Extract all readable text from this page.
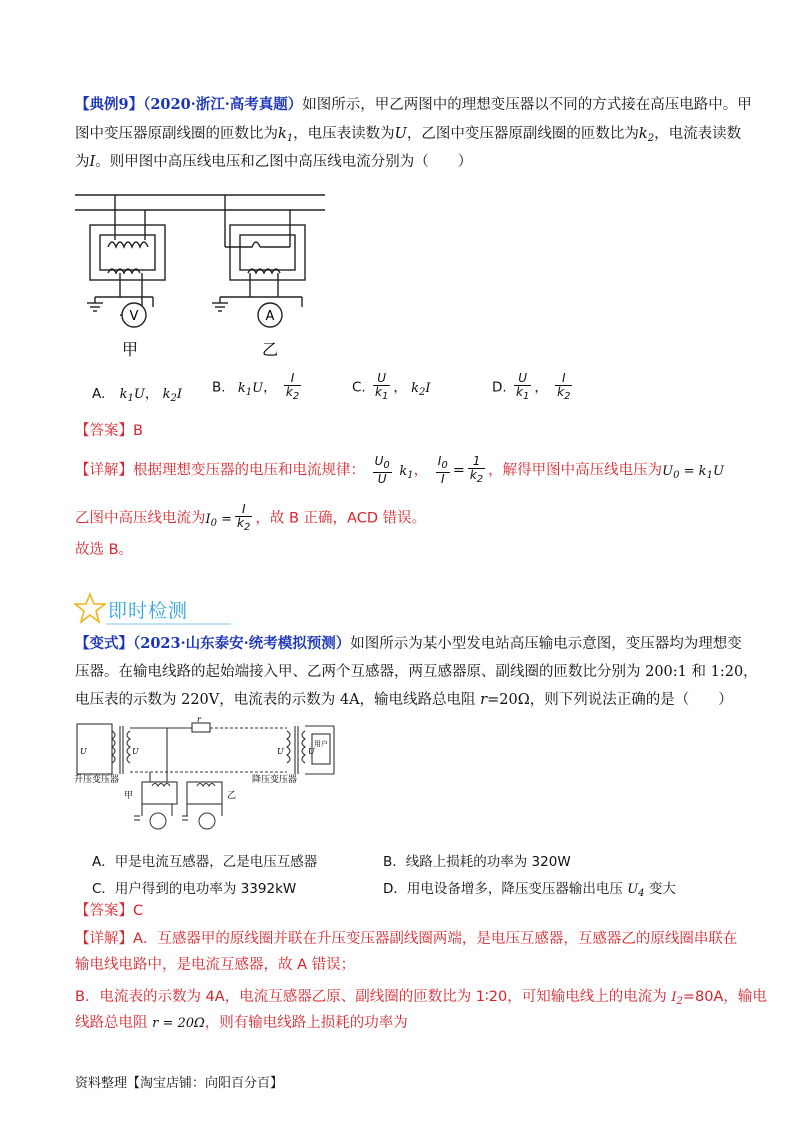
【典例9】（2020·浙江·高考真题）如图所示，甲乙两图中的理想变压器以不同的方式接在高压电路中。甲
图中变压器原副线圈的匝数比为$k_1$，电压表读数为U，乙图中变压器原副线圈的匝数比为$k_2$，电流表读数
为I。则甲图中高压线电压和乙图中高压线电流分别为（　　）
V	A
甲	乙
A. $k_1U$， $k_2I$ B. $k_1U$， $\frac{I}{k_2}$	C. $\frac{U}{k_1}$ ， $k_2I$	D. $\frac{U}{k_1}$ ， $\frac{I}{k_2}$
【答案】B
【详解】根据理想变压器的电压和电流规律： $\frac{U_0}{U} k_1$， $\frac{I_0}{I} = \frac{1}{k_2}$ ，解得甲图中高压线电压为$U_0 = k_1U$
乙图中高压线电流为$I_0 = \frac{I}{k_2}$ ，故 B 正确，ACD 错误。
故选 B。
即时检测
【变式】（2023·山东泰安·统考模拟预测）如图所示为某小型发电站高压输电示意图，变压器均为理想变
压器。在输电线路的起始端接入甲、乙两个互感器，两互感器原、副线圈的匝数比分别为 200:1 和 1:20，
电压表的示数为 220V，电流表的示数为 4A，输电线路总电阻 r=20Ω，则下列说法正确的是（　　）
r
U	U	U	U
用户
升压变压器	降压变压器
甲	乙
A．甲是电流互感器，乙是电压互感器	B．线路上损耗的功率为 320W
C．用户得到的电功率为 3392kW	D．用电设备增多，降压变压器输出电压 $U_4$ 变大
【答案】C
【详解】A．互感器甲的原线圈并联在升压变压器副线圈两端，是电压互感器，互感器乙的原线圈串联在
输电线电路中，是电流互感器，故 A 错误；
B．电流表的示数为 4A，电流互感器乙原、副线圈的匝数比为 1∶20，可知输电线上的电流为 $I_2=80A$，输电
线路总电阻 r = 20Ω，则有输电线路上损耗的功率为
资料整理【淘宝店铺：向阳百分百】
